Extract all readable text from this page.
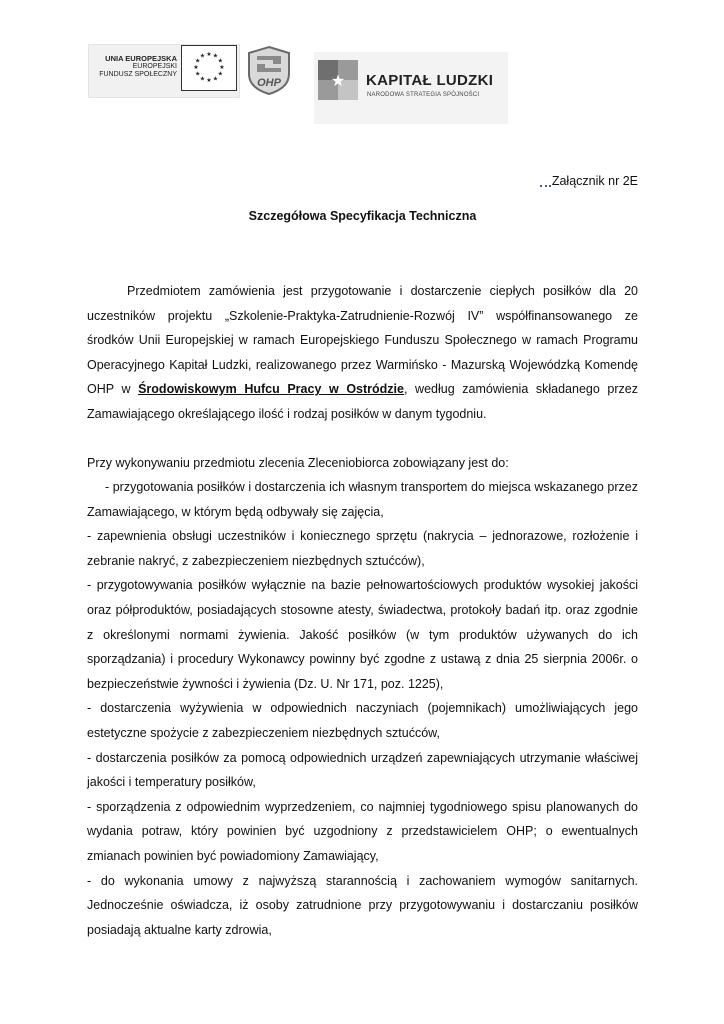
UNIA EUROPEJSKA
EUROPEJSKI
FUNDUSZ SPOŁECZNY
★ ★
★
★
★
★
★
★
★
★
★
★
OHP	★ KAPITAŁ LUDZKI
NARODOWA STRATEGIA SPÓJNOŚCI
Załącznik nr 2E
Szczegółowa Specyfikacja Techniczna

Przedmiotem zamówienia jest przygotowanie i dostarczenie ciepłych posiłków dla 20 uczestników projektu „Szkolenie-Praktyka-Zatrudnienie-Rozwój IV” współfinansowanego ze środków Unii Europejskiej w ramach Europejskiego Funduszu Społecznego w ramach Programu Operacyjnego Kapitał Ludzki, realizowanego przez Warmińsko - Mazurską Wojewódzką Komendę OHP w Środowiskowym Hufcu Pracy w Ostródzie, według zamówienia składanego przez Zamawiającego określającego ilość i rodzaj posiłków w danym tygodniu.

Przy wykonywaniu przedmiotu zlecenia Zleceniobiorca zobowiązany jest do:

- przygotowania posiłków i dostarczenia ich własnym transportem do miejsca wskazanego przez Zamawiającego, w którym będą odbywały się zajęcia,
- zapewnienia obsługi uczestników i koniecznego sprzętu (nakrycia – jednorazowe, rozłożenie i zebranie nakryć, z zabezpieczeniem niezbędnych sztućców),
- przygotowywania posiłków wyłącznie na bazie pełnowartościowych produktów wysokiej jakości oraz półproduktów, posiadających stosowne atesty, świadectwa, protokoły badań itp. oraz zgodnie z określonymi normami żywienia. Jakość posiłków (w tym produktów używanych do ich sporządzania) i procedury Wykonawcy powinny być zgodne z ustawą z dnia 25 sierpnia 2006r. o bezpieczeństwie żywności i żywienia (Dz. U. Nr 171, poz. 1225),
- dostarczenia wyżywienia w odpowiednich naczyniach (pojemnikach) umożliwiających jego estetyczne spożycie z zabezpieczeniem niezbędnych sztućców,
- dostarczenia posiłków za pomocą odpowiednich urządzeń zapewniających utrzymanie właściwej jakości i temperatury posiłków,
- sporządzenia z odpowiednim wyprzedzeniem, co najmniej tygodniowego spisu planowanych do wydania potraw, który powinien być uzgodniony z przedstawicielem OHP; o ewentualnych zmianach powinien być powiadomiony Zamawiający,
- do wykonania umowy z najwyższą starannością i zachowaniem wymogów sanitarnych. Jednocześnie oświadcza, iż osoby zatrudnione przy przygotowywaniu i dostarczaniu posiłków posiadają aktualne karty zdrowia,
